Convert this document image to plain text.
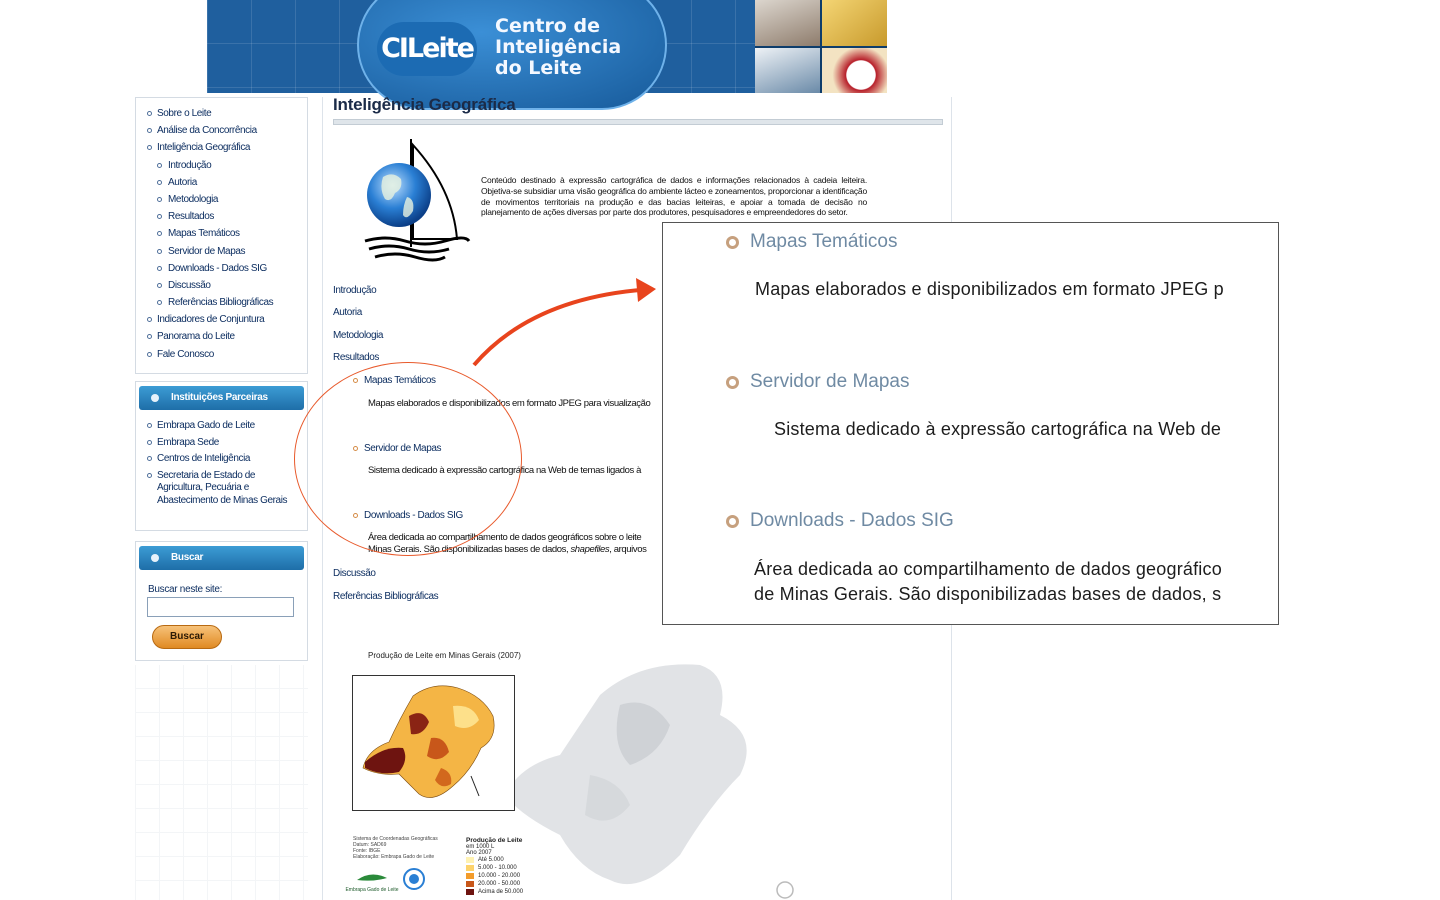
CILeite
Centro de
Inteligência
do Leite
Sobre o Leite
Análise da Concorrência
Inteligência Geográfica
Introdução
Autoria
Metodologia
Resultados
Mapas Temáticos
Servidor de Mapas
Downloads - Dados SIG
Discussão
Referências Bibliográficas
Indicadores de Conjuntura
Panorama do Leite
Fale Conosco
Instituições Parceiras
Embrapa Gado de Leite
Embrapa Sede
Centros de Inteligência
Secretaria de Estado de
Agricultura, Pecuária e
Abastecimento de Minas Gerais
Buscar
Buscar neste site:
Buscar
Inteligência Geográfica
Conteúdo destinado à expressão cartográfica de dados e informações relacionados à cadeia leiteira. Objetiva-se subsidiar uma visão geográfica do ambiente lácteo e zoneamentos, proporcionar a identificação de movimentos territoriais na produção e das bacias leiteiras, e apoiar a tomada de decisão no planejamento de ações diversas por parte dos produtores, pesquisadores e empreendedores do setor.
Introdução
Autoria
Metodologia
Resultados
Discussão
Referências Bibliográficas
Mapas Temáticos
Mapas elaborados e disponibilizados em formato JPEG para visualização
Servidor de Mapas
Sistema dedicado à expressão cartográfica na Web de temas ligados à
Downloads - Dados SIG
Área dedicada ao compartilhamento de dados geográficos sobre o leite
Minas Gerais. São disponibilizadas bases de dados, shapefiles, arquivos
Produção de Leite em Minas Gerais (2007)
Sistema de Coordenadas Geográficas
Datum: SAD69
Fonte: IBGE
Elaboração: Embrapa Gado de Leite
Produção de Leite
em 1000 L
Ano 2007
Até 5.000
5.000 - 10.000
10.000 - 20.000
20.000 - 50.000
Acima de 50.000
Embrapa Gado de Leite
Mapas Temáticos
Mapas elaborados e disponibilizados em formato JPEG p
Servidor de Mapas
Sistema dedicado à expressão cartográfica na Web de
Downloads - Dados SIG
Área dedicada ao compartilhamento de dados geográfico
de Minas Gerais. São disponibilizadas bases de dados, s
